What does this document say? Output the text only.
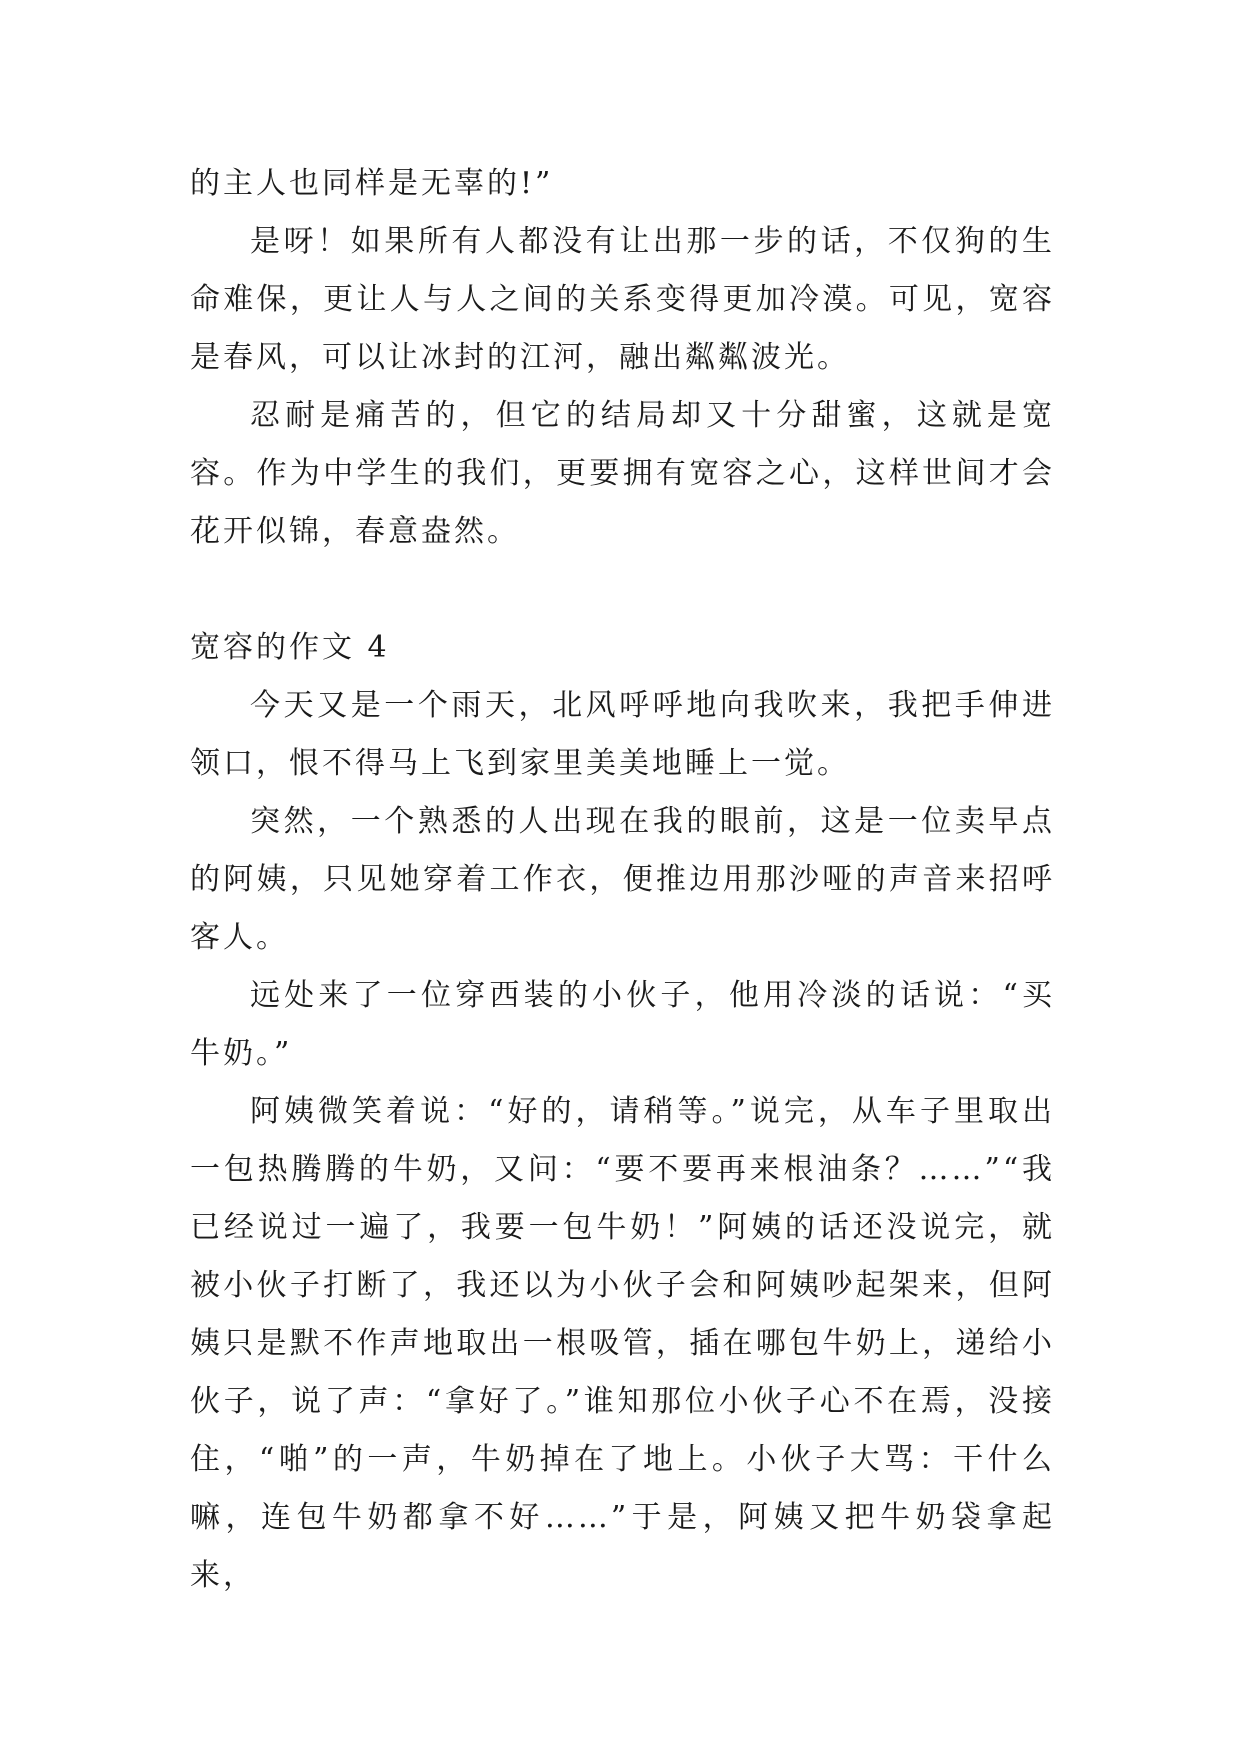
的主人也同样是无辜的!”

是呀！如果所有人都没有让出那一步的话，不仅狗的生命难保，更让人与人之间的关系变得更加冷漠。可见，宽容是春风，可以让冰封的江河，融出粼粼波光。

忍耐是痛苦的，但它的结局却又十分甜蜜，这就是宽容。作为中学生的我们，更要拥有宽容之心，这样世间才会花开似锦，春意盎然。

宽容的作文 4

今天又是一个雨天，北风呼呼地向我吹来，我把手伸进领口，恨不得马上飞到家里美美地睡上一觉。

突然，一个熟悉的人出现在我的眼前，这是一位卖早点的阿姨，只见她穿着工作衣，便推边用那沙哑的声音来招呼客人。

远处来了一位穿西装的小伙子，他用冷淡的话说：“买牛奶。”

阿姨微笑着说：“好的，请稍等。”说完，从车子里取出一包热腾腾的牛奶，又问：“要不要再来根油条？……”“我已经说过一遍了，我要一包牛奶！”阿姨的话还没说完，就被小伙子打断了，我还以为小伙子会和阿姨吵起架来，但阿姨只是默不作声地取出一根吸管，插在哪包牛奶上，递给小伙子，说了声：“拿好了。”谁知那位小伙子心不在焉，没接住，“啪”的一声，牛奶掉在了地上。小伙子大骂：干什么嘛，连包牛奶都拿不好……”于是，阿姨又把牛奶袋拿起来，
